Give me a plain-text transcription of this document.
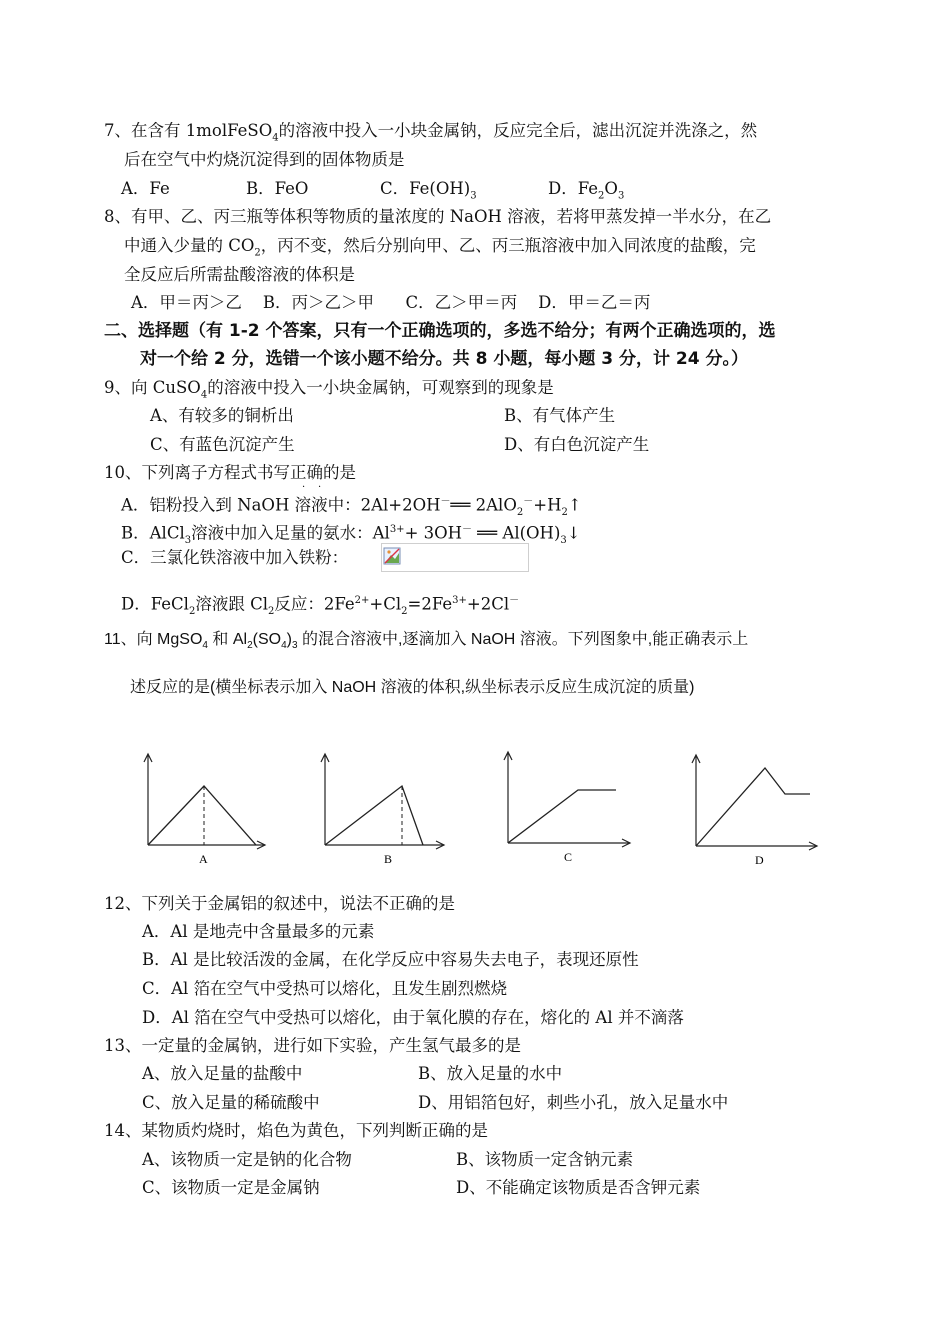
7、在含有 1molFeSO$_4$的溶液中投入一小块金属钠，反应完全后，滤出沉淀并洗涤之，然
后在空气中灼烧沉淀得到的固体物质是
A．Fe	B．FeO	C．$Fe(OH)_3$	D．$Fe_2O_3$
8、有甲、乙、丙三瓶等体积等物质的量浓度的 NaOH 溶液，若将甲蒸发掉一半水分，在乙
中通入少量的 $CO_2$，丙不变，然后分别向甲、乙、丙三瓶溶液中加入同浓度的盐酸，完
全反应后所需盐酸溶液的体积是
A．甲＝丙＞乙    B．丙＞乙＞甲      C．乙＞甲＝丙    D．甲＝乙＝丙
二、选择题（有 1-2 个答案，只有一个正确选项的，多选不给分；有两个正确选项的，选
对一个给 2 分，选错一个该小题不给分。共 8 小题，每小题 3 分，计 24 分。）
9、向 CuSO$_4$的溶液中投入一小块金属钠，可观察到的现象是
A、有较多的铜析出	B、有气体产生
C、有蓝色沉淀产生	D、有白色沉淀产生
10、下列离子方程式书写正确的是
· ·
A．铝粉投入到 NaOH 溶液中：2Al+2OH－══ $2AlO_2^-+H_2↑$
B．AlCl$_3$溶液中加入足量的氨水：$Al^{3+}+ 3OH^-$ ══ $Al(OH)_3↓$
C．三氯化铁溶液中加入铁粉：
D．FeCl$_2$溶液跟 $Cl_2$反应：$2Fe^{2+}+Cl_2=2Fe^{3+}+2Cl^-$
11、向 MgSO$_4$ 和 $Al_2(SO_4)_3$ 的混合溶液中,逐滴加入 NaOH 溶液。下列图象中,能正确表示上
述反应的是(横坐标表示加入 NaOH 溶液的体积,纵坐标表示反应生成沉淀的质量)
A	B	C	D
12、下列关于金属铝的叙述中，说法不正确的是
A．Al 是地壳中含量最多的元素
B．Al 是比较活泼的金属，在化学反应中容易失去电子，表现还原性
C．Al 箔在空气中受热可以熔化，且发生剧烈燃烧
D．Al 箔在空气中受热可以熔化，由于氧化膜的存在，熔化的 Al 并不滴落
13、一定量的金属钠，进行如下实验，产生氢气最多的是
A、放入足量的盐酸中	B、放入足量的水中
C、放入足量的稀硫酸中	D、用铝箔包好，刺些小孔，放入足量水中
14、某物质灼烧时，焰色为黄色，下列判断正确的是
A、该物质一定是钠的化合物	B、该物质一定含钠元素
C、该物质一定是金属钠	D、不能确定该物质是否含钾元素
